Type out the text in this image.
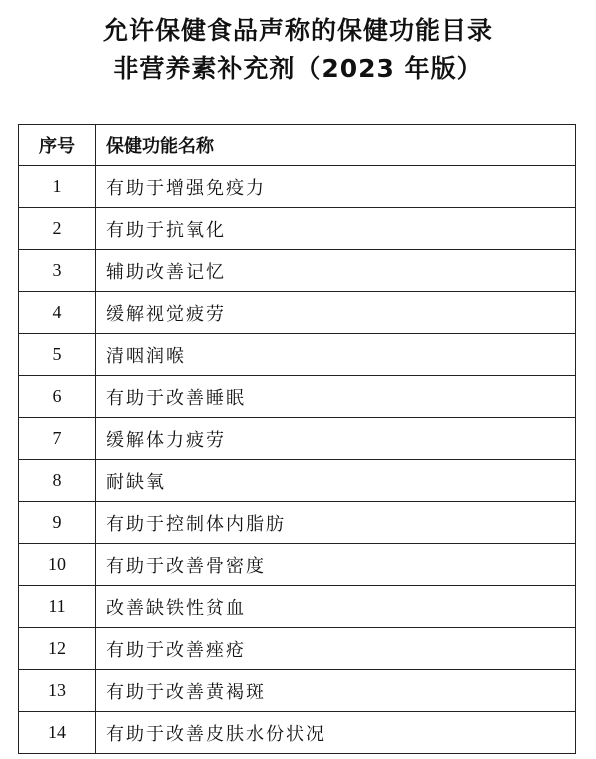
允许保健食品声称的保健功能目录
非营养素补充剂（2023 年版）
序号	保健功能名称
1	有助于增强免疫力
2	有助于抗氧化
3	辅助改善记忆
4	缓解视觉疲劳
5	清咽润喉
6	有助于改善睡眠
7	缓解体力疲劳
8	耐缺氧
9	有助于控制体内脂肪
10	有助于改善骨密度
11	改善缺铁性贫血
12	有助于改善痤疮
13	有助于改善黄褐斑
14	有助于改善皮肤水份状况
